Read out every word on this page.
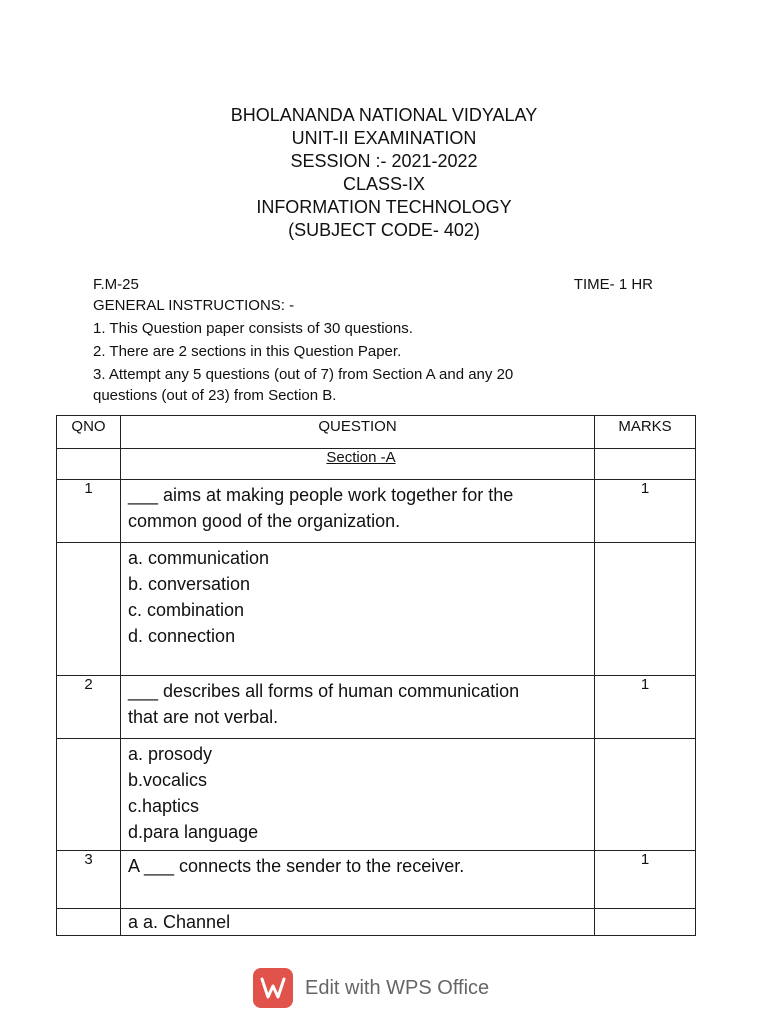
BHOLANANDA NATIONAL VIDYALAY
UNIT-II EXAMINATION
SESSION :- 2021-2022
CLASS-IX
INFORMATION TECHNOLOGY
(SUBJECT CODE- 402)
F.M-25	TIME- 1 HR
GENERAL INSTRUCTIONS: -
1. This Question paper consists of 30 questions.
2. There are 2 sections in this Question Paper.
3. Attempt any 5 questions (out of 7) from Section A and any 20
questions (out of 23) from Section B.
QNO	QUESTION	MARKS
	Section -A	
1	___ aims at making people work together for the
common good of the organization.	1

	a. communication
b. conversation
c. combination
d. connection	

2	___ describes all forms of human communication
that are not verbal.	1

	a. prosody
b.vocalics
c.haptics
d.para language	

3	A ___ connects the sender to the receiver.	1

	a a. Channel	

Edit with WPS Office
